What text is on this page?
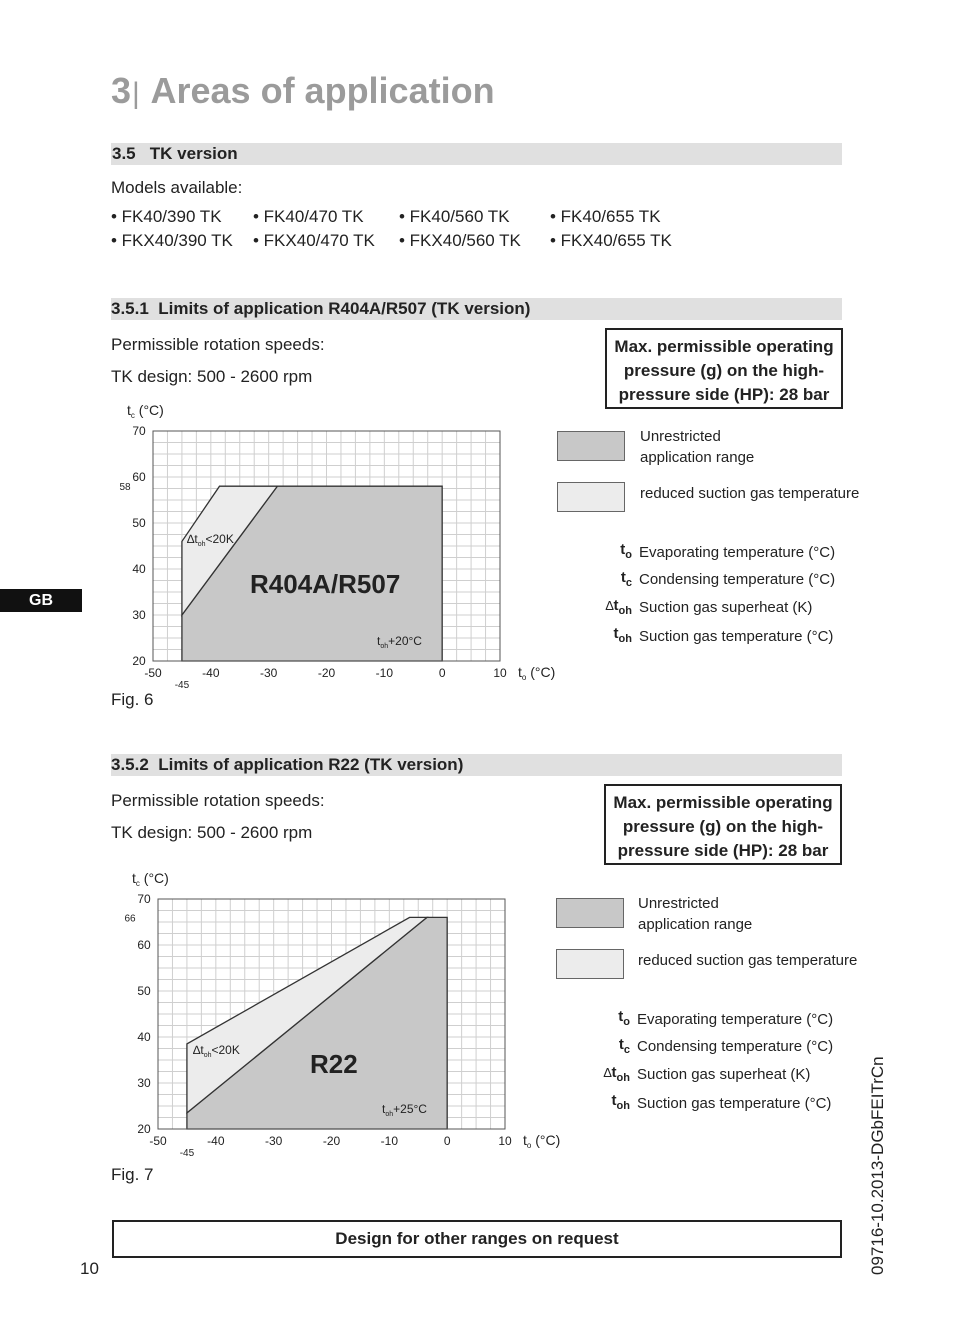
3| Areas of application
3.5   TK version
Models available:
• FK40/390 TK • FK40/470 TK • FK40/560 TK • FK40/655 TK
• FKX40/390 TK • FKX40/470 TK • FKX40/560 TK • FKX40/655 TK
3.5.1  Limits of application R404A/R507 (TK version)
Permissible rotation speeds:
TK design: 500 - 2600 rpm
Max. permissible operating
pressure (g) on the high-
pressure side (HP): 28 bar
20
30
40
50
60
70
-50	-40	-30	-20	-10	0	10
-45
58
$t_c$ (°C)
$t_o$ (°C)
$\Delta t_{oh}<20K$
$t_{oh}+20^\circ C$
R404A/R507
Unrestricted
application range
reduced suction gas temperature
$t_o$ Evaporating temperature (°C)
$t_c$ Condensing temperature (°C)
$\Delta t_{oh}$ Suction gas superheat (K)
$t_{oh}$ Suction gas temperature (°C)
Fig. 6
GB
3.5.2  Limits of application R22 (TK version)
Permissible rotation speeds:
TK design: 500 - 2600 rpm
Max. permissible operating
pressure (g) on the high-
pressure side (HP): 28 bar
20
30
40
50
60
70
-50	-40	-30	-20	-10	0	10
-45
66
$t_c$ (°C)
$t_o$ (°C)
$\Delta t_{oh}<20K$
$t_{oh}+25^\circ C$
R22
Unrestricted
application range
reduced suction gas temperature
$t_o$ Evaporating temperature (°C)
$t_c$ Condensing temperature (°C)
$\Delta t_{oh}$ Suction gas superheat (K)
$t_{oh}$ Suction gas temperature (°C)
Fig. 7
Design for other ranges on request
10	09716-10.2013-DGbFEITrCn
